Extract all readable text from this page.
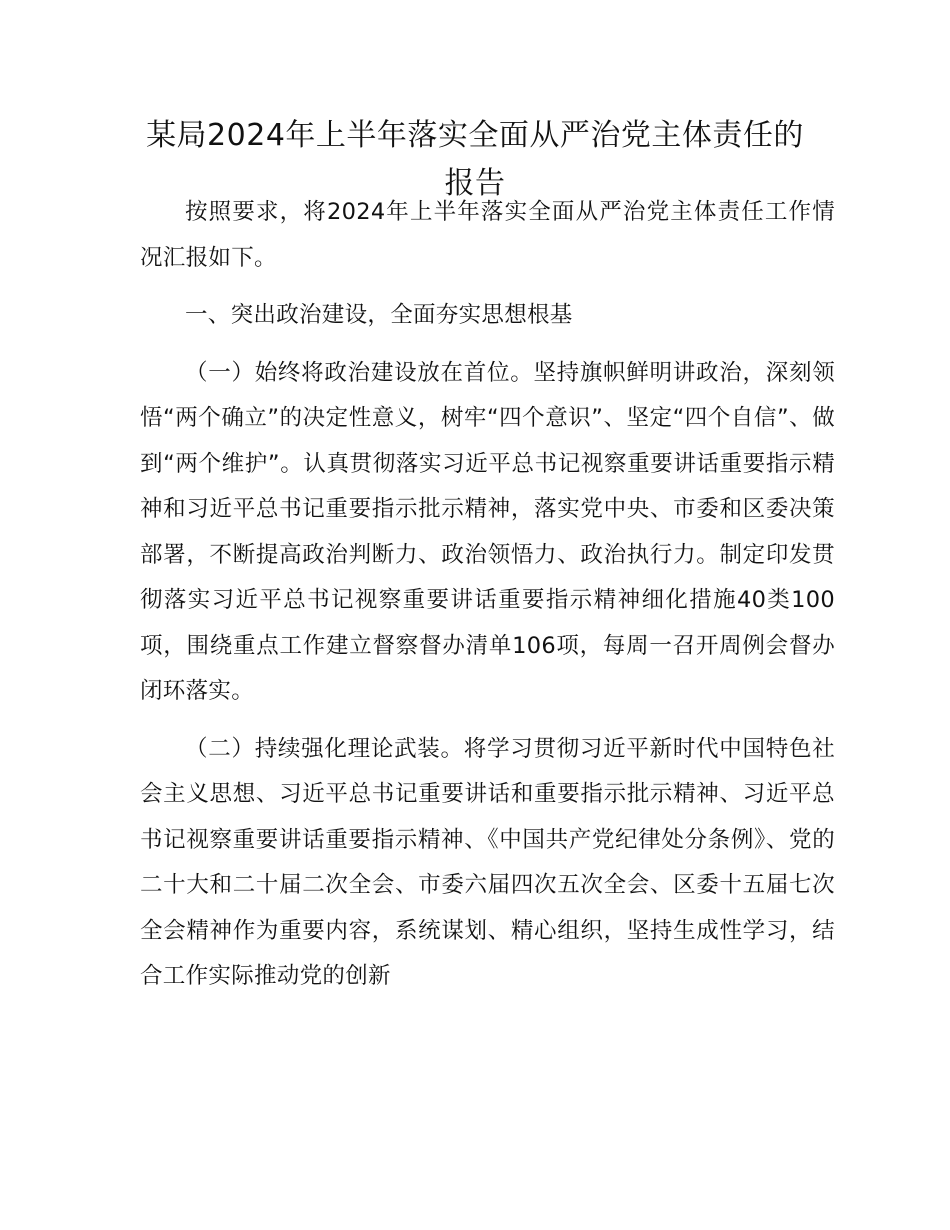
某局2024年上半年落实全面从严治党主体责任的报告

按照要求，将2024年上半年落实全面从严治党主体责任工作情况汇报如下。

一、突出政治建设，全面夯实思想根基

（一）始终将政治建设放在首位。坚持旗帜鲜明讲政治，深刻领悟“两个确立”的决定性意义，树牢“四个意识”、坚定“四个自信”、做到“两个维护”。认真贯彻落实习近平总书记视察重要讲话重要指示精神和习近平总书记重要指示批示精神，落实党中央、市委和区委决策部署，不断提高政治判断力、政治领悟力、政治执行力。制定印发贯彻落实习近平总书记视察重要讲话重要指示精神细化措施40类100项，围绕重点工作建立督察督办清单106项，每周一召开周例会督办闭环落实。

（二）持续强化理论武装。将学习贯彻习近平新时代中国特色社会主义思想、习近平总书记重要讲话和重要指示批示精神、习近平总书记视察重要讲话重要指示精神、《中国共产党纪律处分条例》、党的二十大和二十届二次全会、市委六届四次五次全会、区委十五届七次全会精神作为重要内容，系统谋划、精心组织，坚持生成性学习，结合工作实际推动党的创新
